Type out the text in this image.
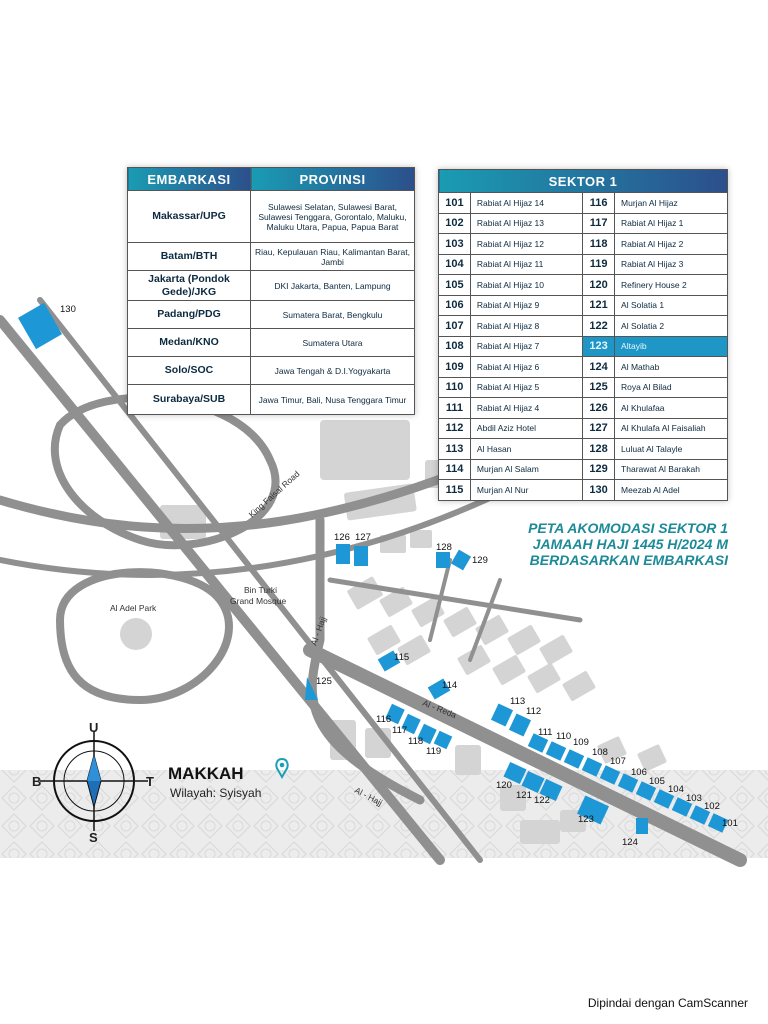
130
126 127
128
129
115
114
125
116
117
118
119
113
112
111 110
109
108
107
106
105
104
103
102
101
120
121 122
123
124
King Faisal Road
Al Adel Park
Bin Turki
Grand Mosque
Al - Hajj
Al - Reda
Al - Hajj
U
S
B	T
EMBARKASI	PROVINSI
Makassar/UPG	Sulawesi Selatan, Sulawesi Barat, Sulawesi Tenggara, Gorontalo, Maluku, Maluku Utara, Papua, Papua Barat
Batam/BTH	Riau, Kepulauan Riau, Kalimantan Barat, Jambi
Jakarta (Pondok Gede)/JKG	DKI Jakarta, Banten, Lampung
Padang/PDG	Sumatera Barat, Bengkulu
Medan/KNO	Sumatera Utara
Solo/SOC	Jawa Tengah & D.I.Yogyakarta
Surabaya/SUB	Jawa Timur, Bali, Nusa Tenggara Timur
SEKTOR 1			
101	Rabiat Al Hijaz 14	116	Murjan Al Hijaz
102	Rabiat Al Hijaz 13	117	Rabiat Al Hijaz 1
103	Rabiat Al Hijaz 12	118	Rabiat Al Hijaz 2
104	Rabiat Al Hijaz 11	119	Rabiat Al Hijaz 3
105	Rabiat Al Hijaz 10	120	Refinery House 2
106	Rabiat Al Hijaz 9	121	Al Solatia 1
107	Rabiat Al Hijaz 8	122	Al Solatia 2
108	Rabiat Al Hijaz 7	123	Altayib
109	Rabiat Al Hijaz 6	124	Al Mathab
110	Rabiat Al Hijaz 5	125	Roya Al Bilad
111	Rabiat Al Hijaz 4	126	Al Khulafaa
112	Abdil Aziz Hotel	127	Al Khulafa Al Faisaliah
113	Al Hasan	128	Luluat Al Talayle
114	Murjan Al Salam	129	Tharawat Al Barakah
115	Murjan Al Nur	130	Meezab Al Adel
PETA AKOMODASI SEKTOR 1
JAMAAH HAJI 1445 H/2024 M
BERDASARKAN EMBARKASI
MAKKAH
Wilayah: Syisyah
Dipindai dengan CamScanner
